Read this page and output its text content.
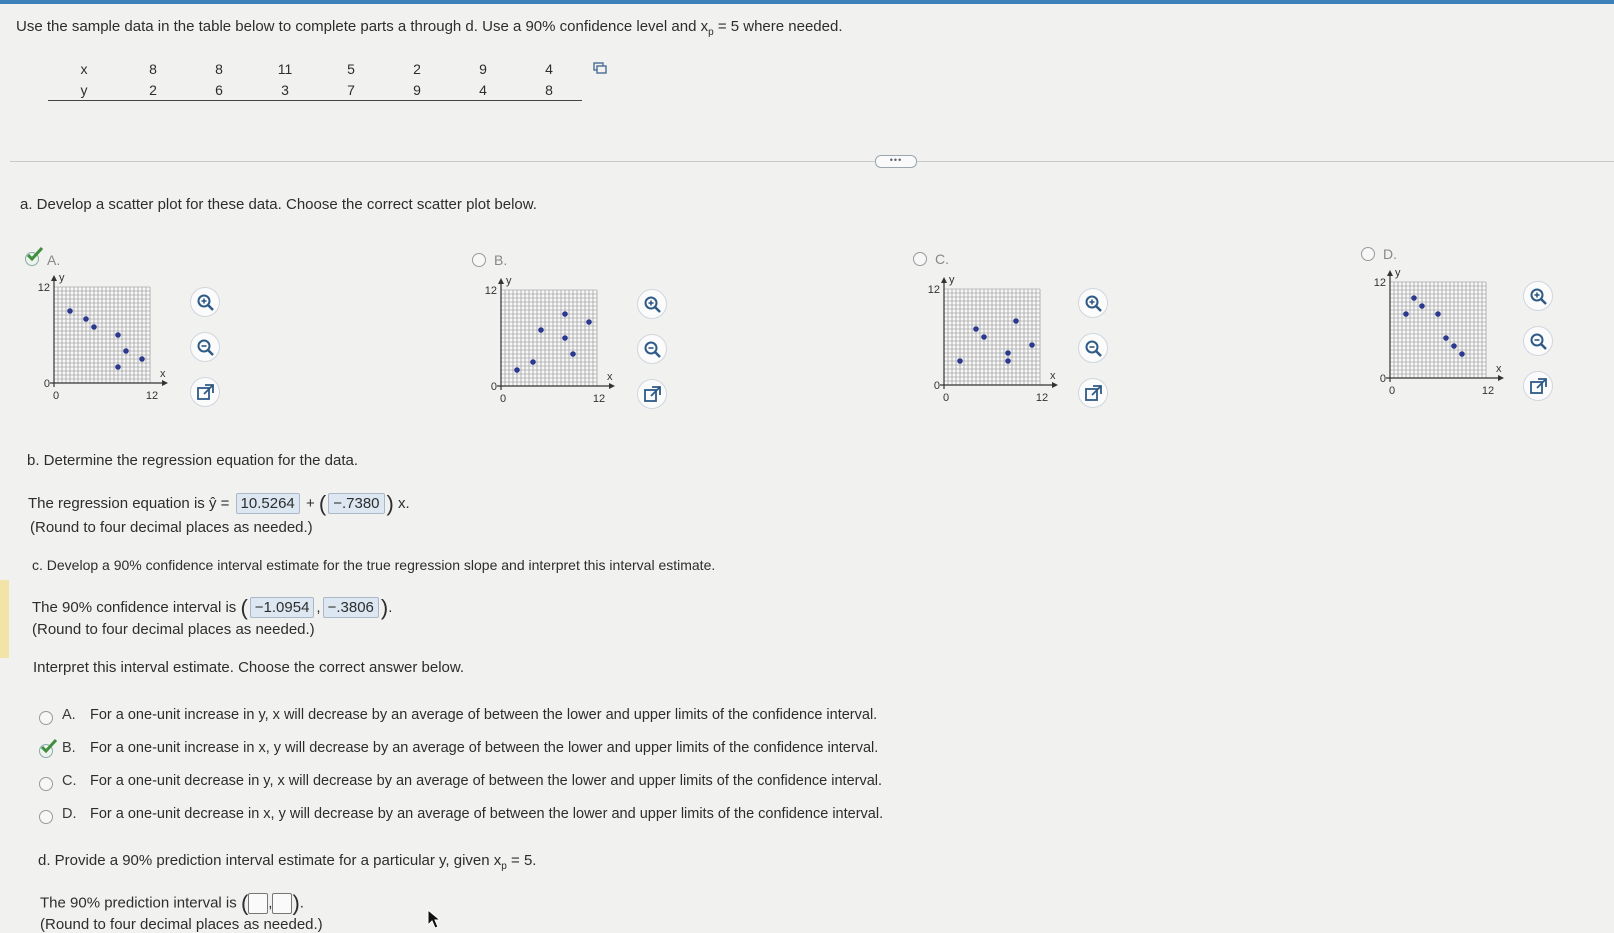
Use the sample data in the table below to complete parts a through d. Use a 90% confidence level and $x_p = 5$ where needed.
x	8	8	11	5	2	9	4
y	2	6	3	7	9	4	8
•••
a. Develop a scatter plot for these data. Choose the correct scatter plot below.
A.	B.	C.	D.
y
12
0
x
0	12
y
12
0
x
0	12
y
12
0
x
0	12
y
12
0
x
0	12
b. Determine the regression equation for the data.
The regression equation is ŷ = 10.5264 + ( −.7380 ) x.
(Round to four decimal places as needed.)
c. Develop a 90% confidence interval estimate for the true regression slope and interpret this interval estimate.
The 90% confidence interval is ( −1.0954 , −.3806 ).
(Round to four decimal places as needed.)
Interpret this interval estimate. Choose the correct answer below.
A. For a one-unit increase in y, x will decrease by an average of between the lower and upper limits of the confidence interval.
B. For a one-unit increase in x, y will decrease by an average of between the lower and upper limits of the confidence interval.
C. For a one-unit decrease in y, x will decrease by an average of between the lower and upper limits of the confidence interval.
D. For a one-unit decrease in x, y will decrease by an average of between the lower and upper limits of the confidence interval.
d. Provide a 90% prediction interval estimate for a particular y, given $x_p = 5$.
The 90% prediction interval is ( , ).
(Round to four decimal places as needed.)
